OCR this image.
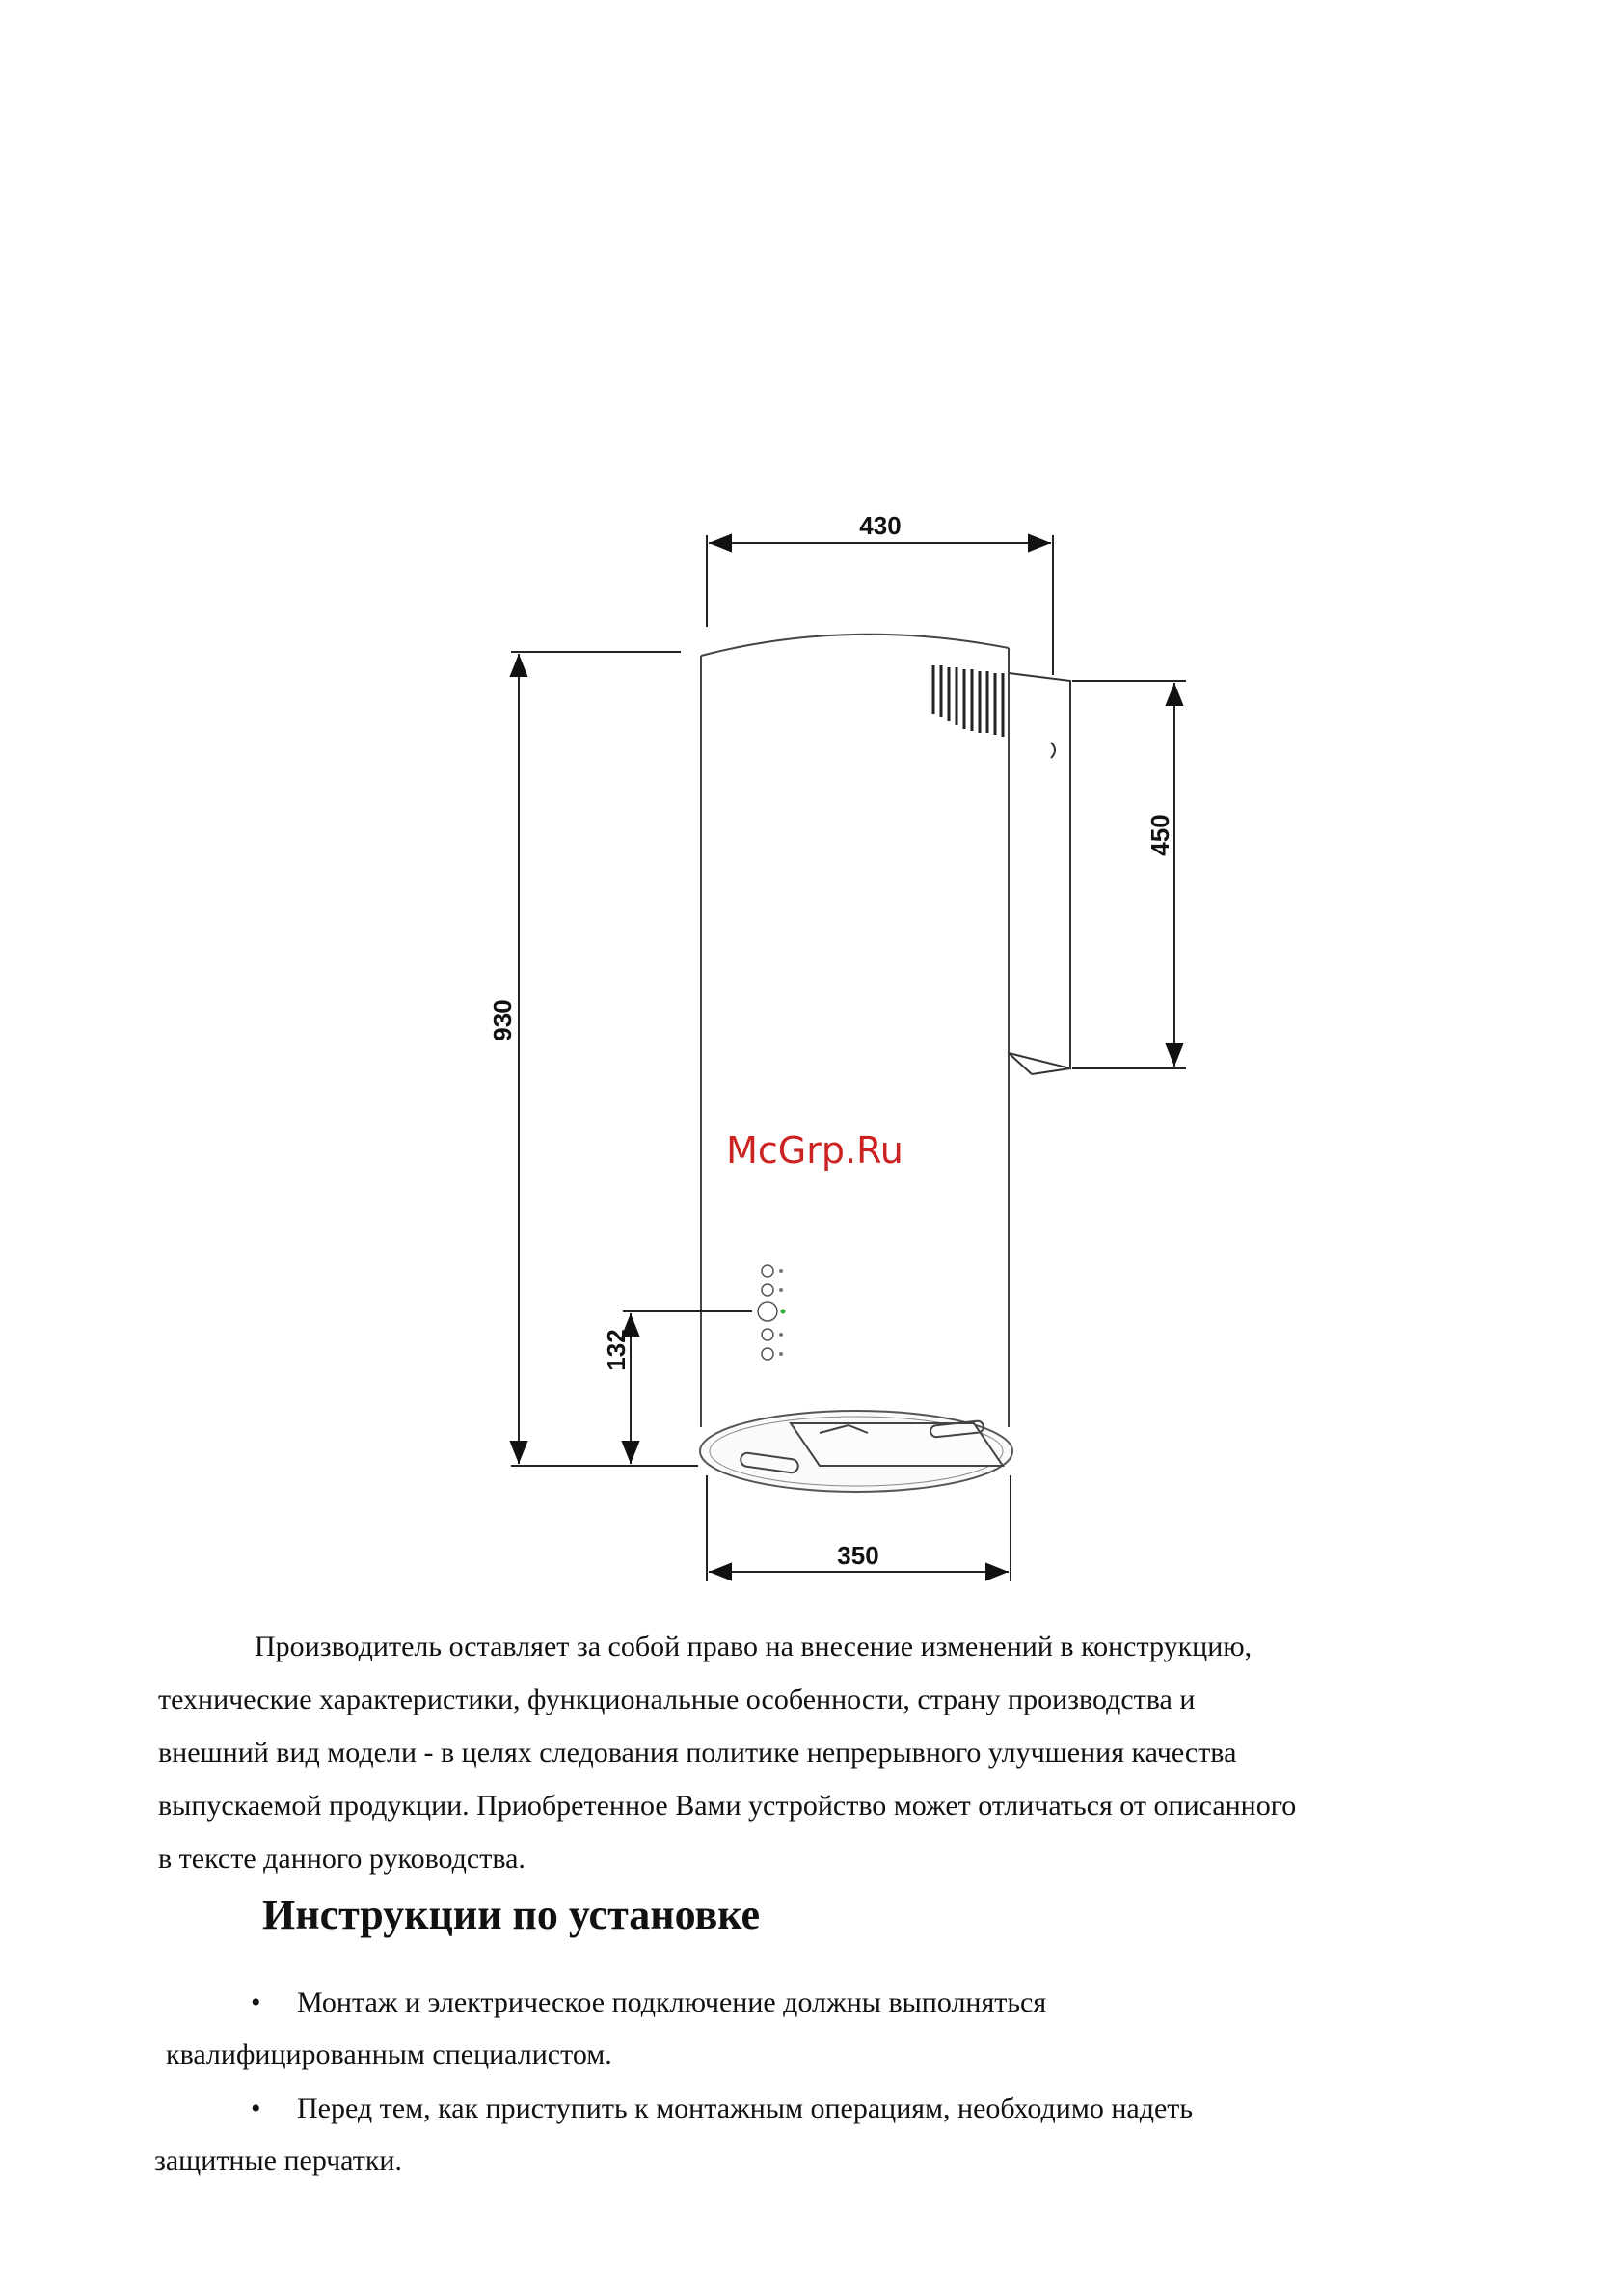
430
930
450
132
350
McGrp.Ru
Производитель оставляет за собой право на внесение изменений в конструкцию,
технические характеристики, функциональные особенности, страну производства и
внешний вид модели - в целях следования политике непрерывного улучшения качества
выпускаемой продукции. Приобретенное Вами устройство может отличаться от описанного
в тексте данного руководства.
Инструкции по установке
• Монтаж и электрическое подключение должны выполняться
квалифицированным специалистом.
• Перед тем, как приступить к монтажным операциям, необходимо надеть
защитные перчатки.
